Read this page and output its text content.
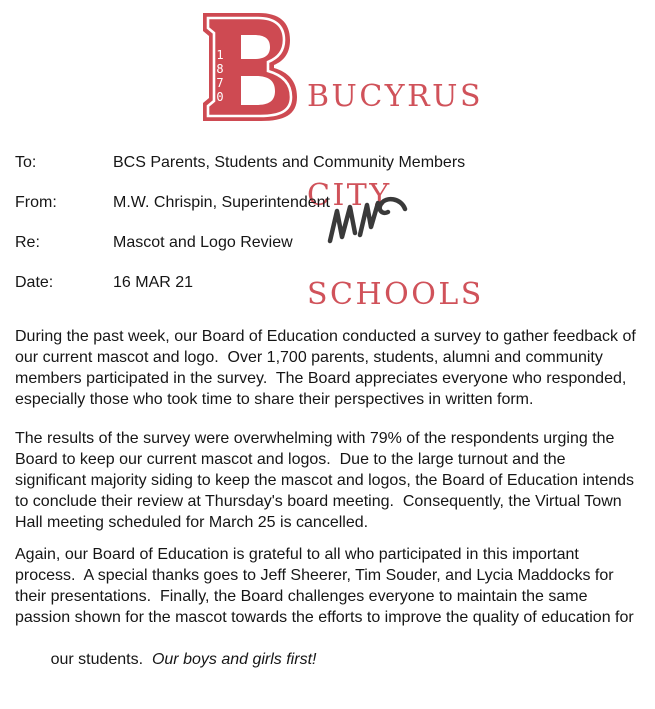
1
8
7
0

	BUCYRUS

CITY

SCHOOLS

To:	BCS Parents, Students and Community Members
From:	M.W. Chrispin, Superintendent
Re:	Mascot and Logo Review
Date:	16 MAR 21
During the past week, our Board of Education conducted a survey to gather feedback of
our current mascot and logo.  Over 1,700 parents, students, alumni and community
members participated in the survey.  The Board appreciates everyone who responded,
especially those who took time to share their perspectives in written form.
The results of the survey were overwhelming with 79% of the respondents urging the
Board to keep our current mascot and logos.  Due to the large turnout and the
significant majority siding to keep the mascot and logos, the Board of Education intends
to conclude their review at Thursday's board meeting.  Consequently, the Virtual Town
Hall meeting scheduled for March 25 is cancelled.
Again, our Board of Education is grateful to all who participated in this important
process.  A special thanks goes to Jeff Sheerer, Tim Souder, and Lycia Maddocks for
their presentations.  Finally, the Board challenges everyone to maintain the same
passion shown for the mascot towards the efforts to improve the quality of education for

our students.  Our boys and girls first!
